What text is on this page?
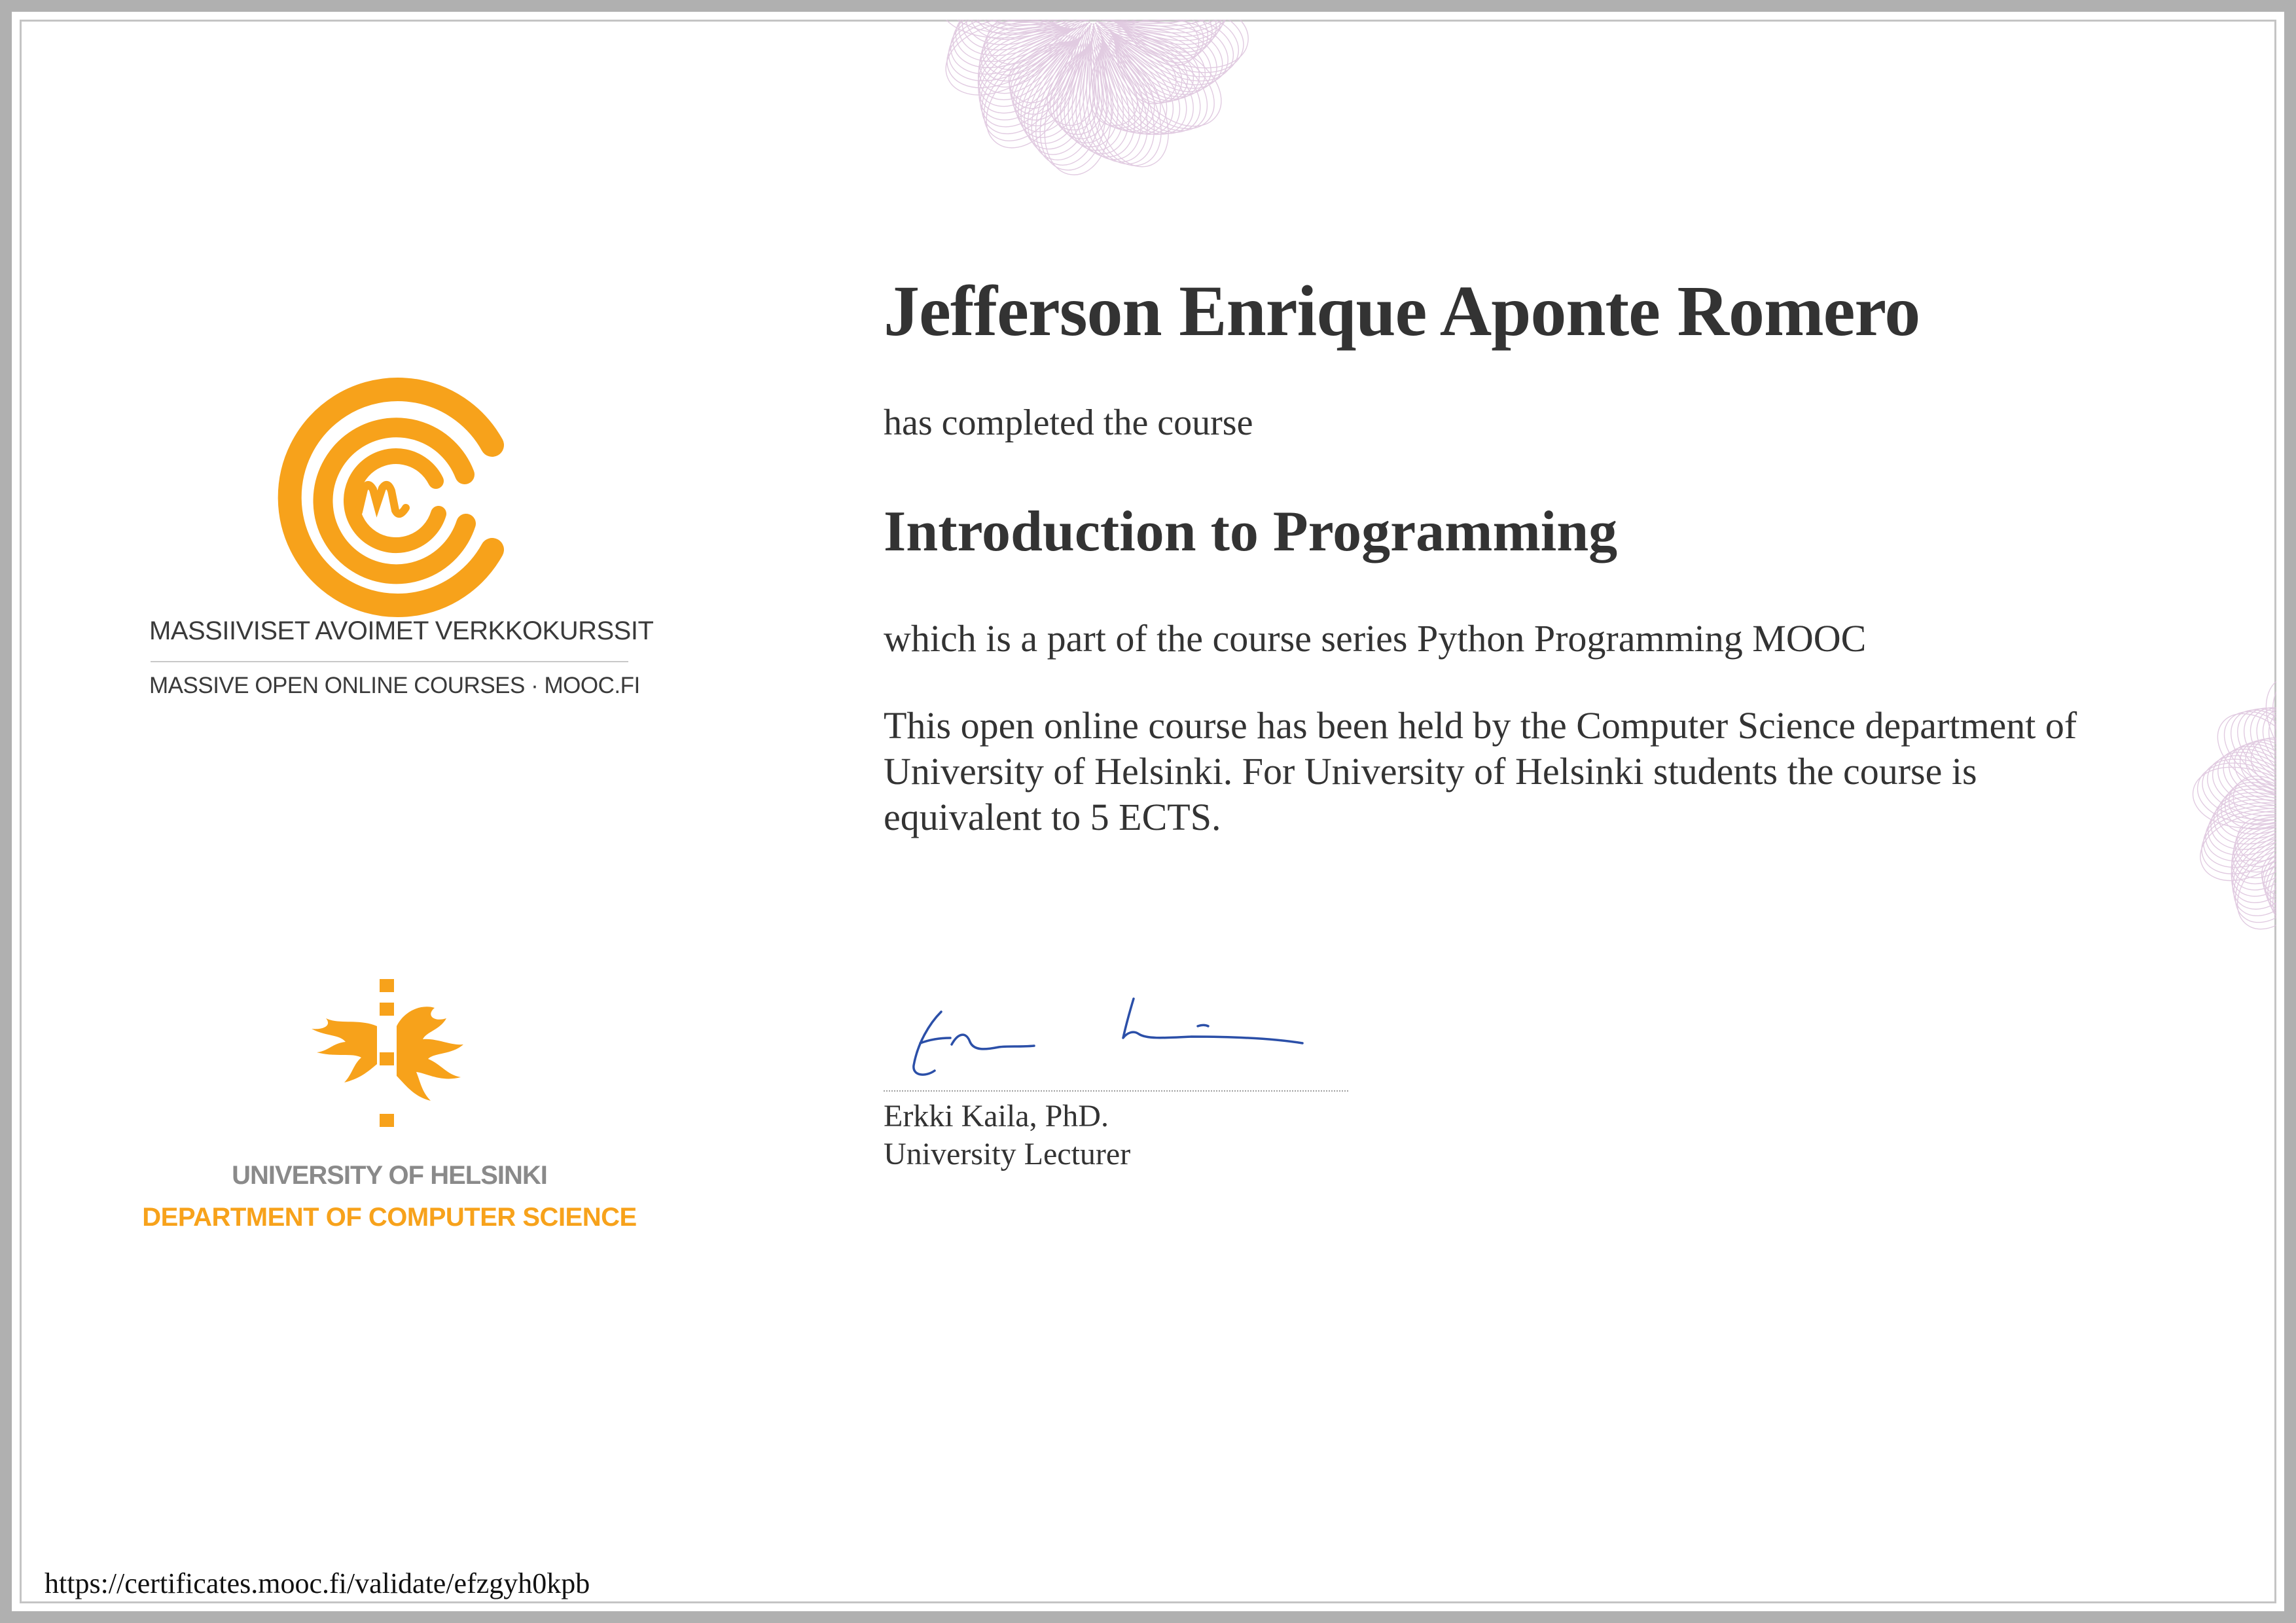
MASSIIVISET AVOIMET VERKKOKURSSIT
MASSIVE OPEN ONLINE COURSES · MOOC.FI
UNIVERSITY OF HELSINKI
DEPARTMENT OF COMPUTER SCIENCE
Jefferson Enrique Aponte Romero
has completed the course
Introduction to Programming
which is a part of the course series Python Programming MOOC
This open online course has been held by the Computer Science department of University of Helsinki. For University of Helsinki students the course is equivalent to 5 ECTS.
Erkki Kaila, PhD.
University Lecturer
https://certificates.mooc.fi/validate/efzgyh0kpb
